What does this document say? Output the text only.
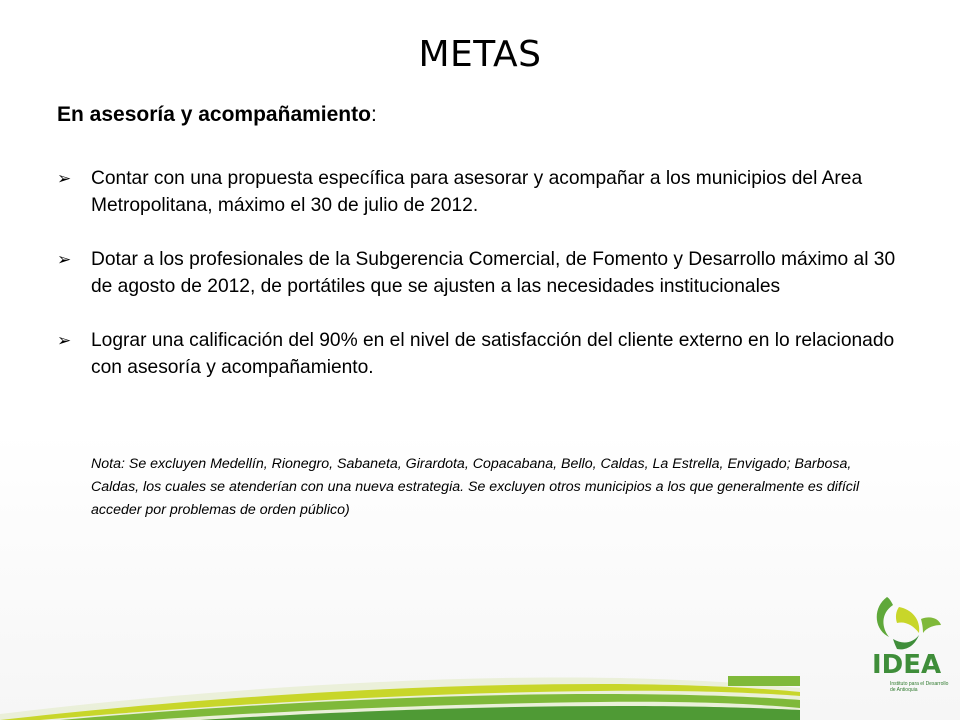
METAS
En asesoría y acompañamiento:
➢ Contar con una propuesta específica para asesorar y acompañar a los municipios del Area Metropolitana, máximo el 30 de julio de 2012.
➢ Dotar a los profesionales de la Subgerencia Comercial, de Fomento y Desarrollo máximo al 30 de agosto de 2012, de portátiles que se ajusten a las necesidades institucionales
➢ Lograr una calificación del 90% en el nivel de satisfacción del cliente externo en lo relacionado con asesoría y acompañamiento.
Nota: Se excluyen Medellín, Rionegro, Sabaneta, Girardota, Copacabana, Bello, Caldas, La Estrella, Envigado; Barbosa, Caldas, los cuales se atenderían con una nueva estrategia. Se excluyen otros municipios a los que generalmente es difícil acceder por problemas de orden público)
IDEA
Instituto para el Desarrollo de Antioquia
